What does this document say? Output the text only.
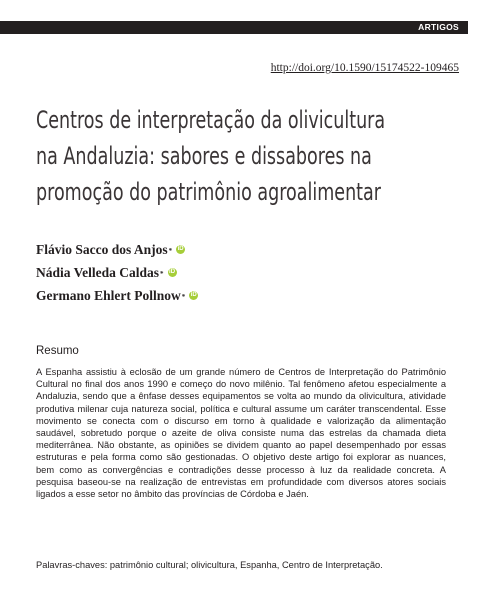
ARTIGOS
http://doi.org/10.1590/15174522-109465
Centros de interpretação da olivicultura
na Andaluzia: sabores e dissabores na
promoção do patrimônio agroalimentar
Flávio Sacco dos Anjos * iD
Nádia Velleda Caldas * iD
Germano Ehlert Pollnow * iD
Resumo

A Espanha assistiu à eclosão de um grande número de Centros de Interpretação do Patrimônio Cultural no final dos anos 1990 e começo do novo milênio. Tal fenômeno afetou especialmente a Andaluzia, sendo que a ênfase desses equipamentos se volta ao mundo da olivicultura, atividade produtiva milenar cuja natureza social, política e cultural assume um caráter transcendental. Esse movimento se conecta com o discurso em torno à qualidade e valorização da alimentação saudável, sobretudo porque o azeite de oliva consiste numa das estrelas da chamada dieta mediterrânea. Não obstante, as opiniões se dividem quanto ao papel desempenhado por essas estruturas e pela forma como são gestionadas. O objetivo deste artigo foi explorar as nuances, bem como as convergências e contradições desse processo à luz da realidade concreta. A pesquisa baseou-se na realização de entrevistas em profundidade com diversos atores sociais ligados a esse setor no âmbito das províncias de Córdoba e Jaén.

Palavras-chaves: patrimônio cultural; olivicultura, Espanha, Centro de Interpretação.
